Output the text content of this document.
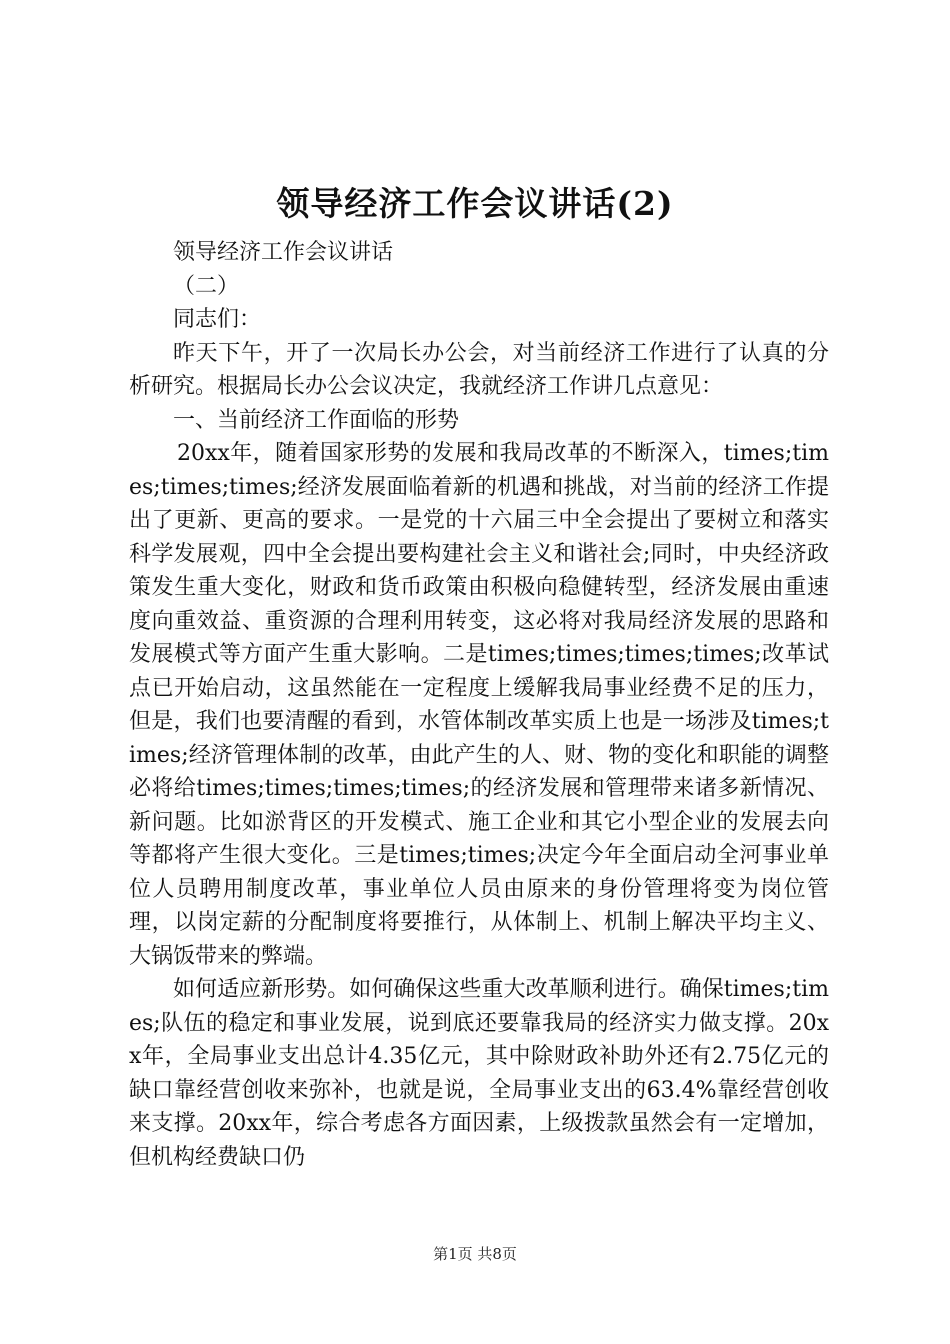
领导经济工作会议讲话(2)

领导经济工作会议讲话

（二）

同志们：

昨天下午，开了一次局长办公会，对当前经济工作进行了认真的分析研究。根据局长办公会议决定，我就经济工作讲几点意见：

一、当前经济工作面临的形势

20xx年，随着国家形势的发展和我局改革的不断深入，times;times;times;times;经济发展面临着新的机遇和挑战，对当前的经济工作提出了更新、更高的要求。一是党的十六届三中全会提出了要树立和落实科学发展观，四中全会提出要构建社会主义和谐社会;同时，中央经济政策发生重大变化，财政和货币政策由积极向稳健转型，经济发展由重速度向重效益、重资源的合理利用转变，这必将对我局经济发展的思路和发展模式等方面产生重大影响。二是times;times;times;times;改革试点已开始启动，这虽然能在一定程度上缓解我局事业经费不足的压力，但是，我们也要清醒的看到，水管体制改革实质上也是一场涉及times;times;经济管理体制的改革，由此产生的人、财、物的变化和职能的调整必将给times;times;times;times;的经济发展和管理带来诸多新情况、新问题。比如淤背区的开发模式、施工企业和其它小型企业的发展去向等都将产生很大变化。三是times;times;决定今年全面启动全河事业单位人员聘用制度改革，事业单位人员由原来的身份管理将变为岗位管理，以岗定薪的分配制度将要推行，从体制上、机制上解决平均主义、大锅饭带来的弊端。

如何适应新形势。如何确保这些重大改革顺利进行。确保times;times;队伍的稳定和事业发展，说到底还要靠我局的经济实力做支撑。20xx年，全局事业支出总计4.35亿元，其中除财政补助外还有2.75亿元的缺口靠经营创收来弥补，也就是说，全局事业支出的63.4%靠经营创收来支撑。20xx年，综合考虑各方面因素，上级拨款虽然会有一定增加，但机构经费缺口仍

第1页 共8页
